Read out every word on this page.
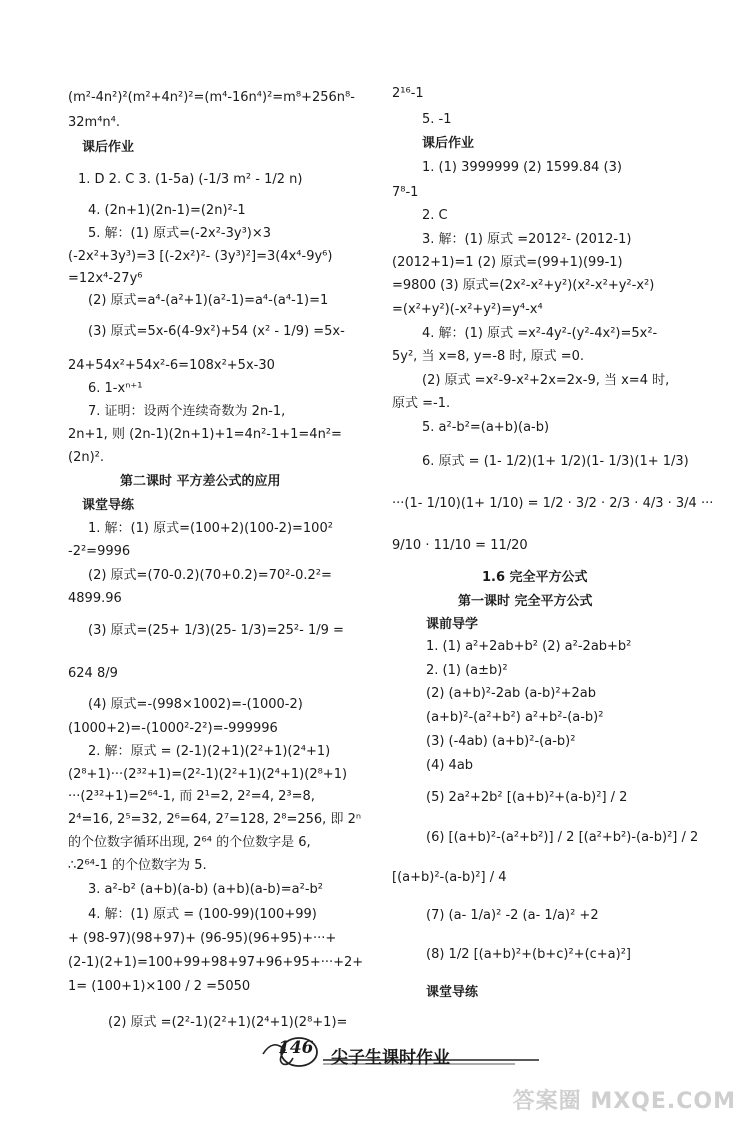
(m²-4n²)²(m²+4n²)²=(m⁴-16n⁴)²=m⁸+256n⁸-
32m⁴n⁴.
课后作业
1. D 2. C 3. (1-5a) (-1/3 m² - 1/2 n)
4. (2n+1)(2n-1)=(2n)²-1
5. 解：(1) 原式=(-2x²-3y³)×3
(-2x²+3y³)=3 [(-2x²)²- (3y³)²]=3(4x⁴-9y⁶)
=12x⁴-27y⁶
(2) 原式=a⁴-(a²+1)(a²-1)=a⁴-(a⁴-1)=1
(3) 原式=5x-6(4-9x²)+54 (x² - 1/9) =5x-
24+54x²+54x²-6=108x²+5x-30
6. 1-xⁿ⁺¹
7. 证明：设两个连续奇数为 2n-1,
2n+1, 则 (2n-1)(2n+1)+1=4n²-1+1=4n²=
(2n)².
第二课时 平方差公式的应用
课堂导练
1. 解：(1) 原式=(100+2)(100-2)=100²
-2²=9996
(2) 原式=(70-0.2)(70+0.2)=70²-0.2²=
4899.96
(3) 原式=(25+ 1/3)(25- 1/3)=25²- 1/9 =
624 8/9
(4) 原式=-(998×1002)=-(1000-2)
(1000+2)=-(1000²-2²)=-999996
2. 解：原式 = (2-1)(2+1)(2²+1)(2⁴+1)
(2⁸+1)···(2³²+1)=(2²-1)(2²+1)(2⁴+1)(2⁸+1)
···(2³²+1)=2⁶⁴-1, 而 2¹=2, 2²=4, 2³=8,
2⁴=16, 2⁵=32, 2⁶=64, 2⁷=128, 2⁸=256, 即 2ⁿ
的个位数字循环出现, 2⁶⁴ 的个位数字是 6,
∴2⁶⁴-1 的个位数字为 5.
3. a²-b² (a+b)(a-b) (a+b)(a-b)=a²-b²
4. 解：(1) 原式 = (100-99)(100+99)
+ (98-97)(98+97)+ (96-95)(96+95)+···+
(2-1)(2+1)=100+99+98+97+96+95+···+2+
1= (100+1)×100 / 2 =5050
(2) 原式 =(2²-1)(2²+1)(2⁴+1)(2⁸+1)=
2¹⁶-1
5. -1
课后作业
1. (1) 3999999 (2) 1599.84 (3)
7⁸-1
2. C
3. 解：(1) 原式 =2012²- (2012-1)
(2012+1)=1 (2) 原式=(99+1)(99-1)
=9800 (3) 原式=(2x²-x²+y²)(x²-x²+y²-x²)
=(x²+y²)(-x²+y²)=y⁴-x⁴
4. 解：(1) 原式 =x²-4y²-(y²-4x²)=5x²-
5y², 当 x=8, y=-8 时, 原式 =0.
(2) 原式 =x²-9-x²+2x=2x-9, 当 x=4 时,
原式 =-1.
5. a²-b²=(a+b)(a-b)
6. 原式 = (1- 1/2)(1+ 1/2)(1- 1/3)(1+ 1/3)
···(1- 1/10)(1+ 1/10) = 1/2 · 3/2 · 2/3 · 4/3 · 3/4 ···
9/10 · 11/10 = 11/20
1.6 完全平方公式
第一课时 完全平方公式
课前导学
1. (1) a²+2ab+b² (2) a²-2ab+b²
2. (1) (a±b)²
(2) (a+b)²-2ab (a-b)²+2ab
(a+b)²-(a²+b²) a²+b²-(a-b)²
(3) (-4ab) (a+b)²-(a-b)²
(4) 4ab
(5) 2a²+2b² [(a+b)²+(a-b)²] / 2
(6) [(a+b)²-(a²+b²)] / 2 [(a²+b²)-(a-b)²] / 2
[(a+b)²-(a-b)²] / 4
(7) (a- 1/a)² -2 (a- 1/a)² +2
(8) 1/2 [(a+b)²+(b+c)²+(c+a)²]
课堂导练
146 尖子生课时作业
答案圈 MXQE.COM
